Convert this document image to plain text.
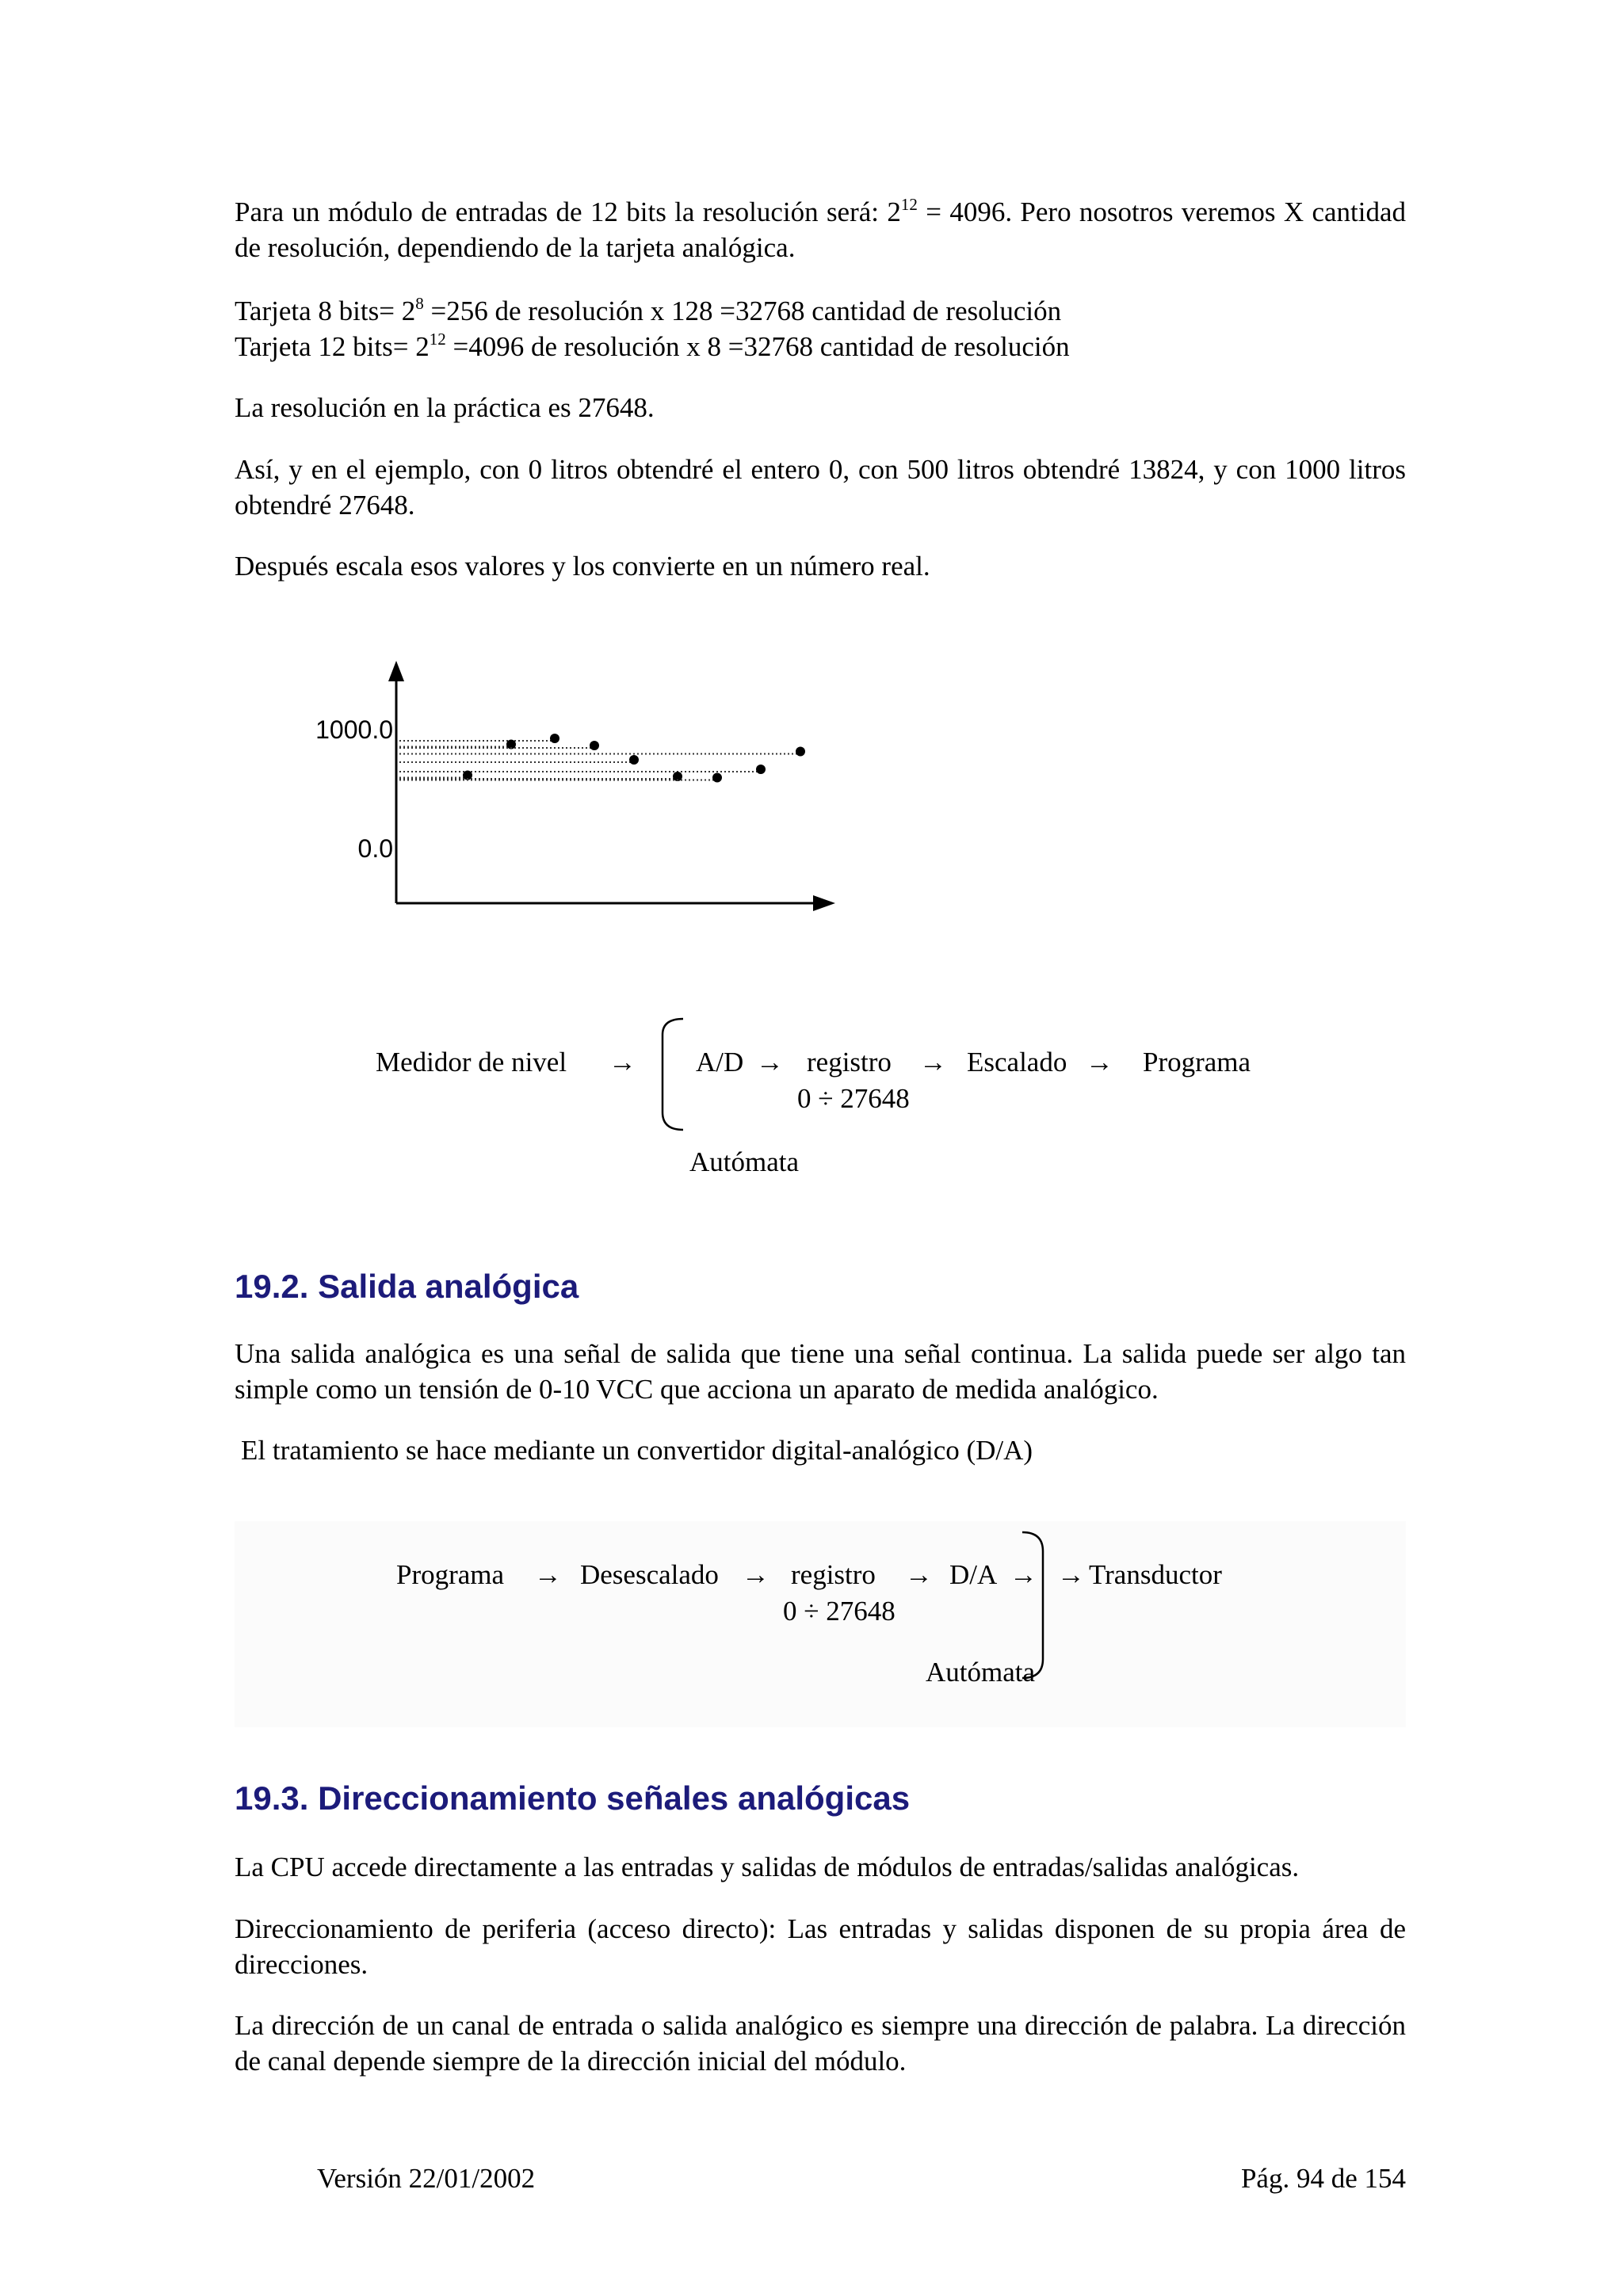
Para un módulo de entradas de 12 bits la resolución será: $2^{12} = 4096$. Pero nosotros veremos X cantidad de resolución, dependiendo de la tarjeta analógica.

Tarjeta 8 bits= $2^8 =256$ de resolución x 128 =32768 cantidad de resolución

Tarjeta 12 bits= $2^{12} =4096$ de resolución x 8 =32768 cantidad de resolución

La resolución en la práctica es 27648.

Así, y en el ejemplo, con 0 litros obtendré el entero 0, con 500 litros obtendré 13824, y con 1000 litros obtendré 27648.

Después escala esos valores y los convierte en un número real.

1000.0
0.0
Medidor de nivel → A/D → registro → Escalado → Programa
0 ÷ 27648
Autómata
19.2. Salida analógica

Una salida analógica es una señal de salida que tiene una señal continua. La salida puede ser algo tan simple como un tensión de 0-10 VCC que acciona un aparato de medida analógico.

El tratamiento se hace mediante un convertidor digital-analógico (D/A)

Programa → Desescalado → registro → D/A → → Transductor
0 ÷ 27648
Autómata
19.3. Direccionamiento señales analógicas

La CPU accede directamente a las entradas y salidas de módulos de entradas/salidas analógicas.

Direccionamiento de periferia (acceso directo): Las entradas y salidas disponen de su propia área de direcciones.

La dirección de un canal de entrada o salida analógico es siempre una dirección de palabra. La dirección de canal depende siempre de la dirección inicial del módulo.

Versión 22/01/2002	Pág. 94 de 154
